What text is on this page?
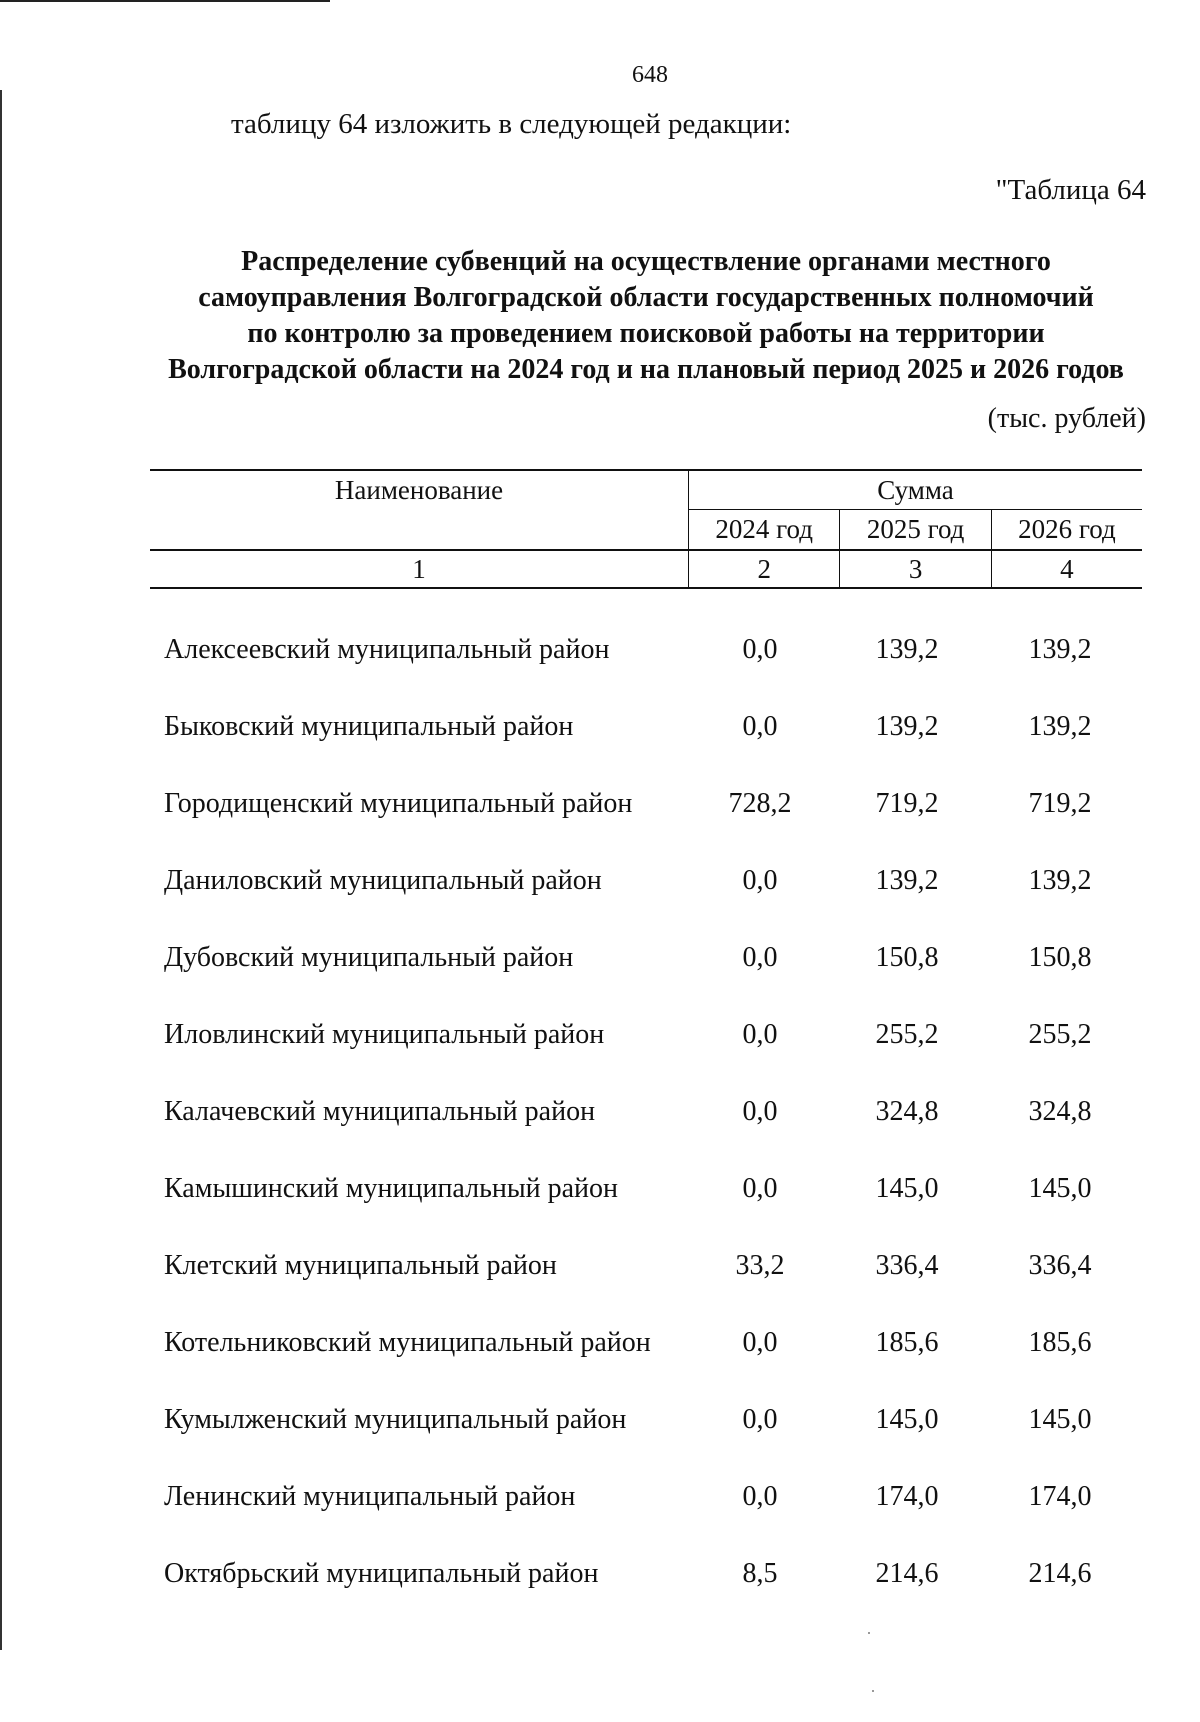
648
таблицу 64 изложить в следующей редакции:
"Таблица 64
Распределение субвенций на осуществление органами местного
самоуправления Волгоградской области государственных полномочий
по контролю за проведением поисковой работы на территории
Волгоградской области на 2024 год и на плановый период 2025 и 2026 годов
(тыс. рублей)
Наименование	Сумма		
	2024 год	2025 год	2026 год
1	2	3	4
Алексеевский муниципальный район	0,0	139,2	139,2
Быковский муниципальный район	0,0	139,2	139,2
Городищенский муниципальный район	728,2	719,2	719,2
Даниловский муниципальный район	0,0	139,2	139,2
Дубовский муниципальный район	0,0	150,8	150,8
Иловлинский муниципальный район	0,0	255,2	255,2
Калачевский муниципальный район	0,0	324,8	324,8
Камышинский муниципальный район	0,0	145,0	145,0
Клетский муниципальный район	33,2	336,4	336,4
Котельниковский муниципальный район	0,0	185,6	185,6
Кумылженский муниципальный район	0,0	145,0	145,0
Ленинский муниципальный район	0,0	174,0	174,0
Октябрьский муниципальный район	8,5	214,6	214,6
